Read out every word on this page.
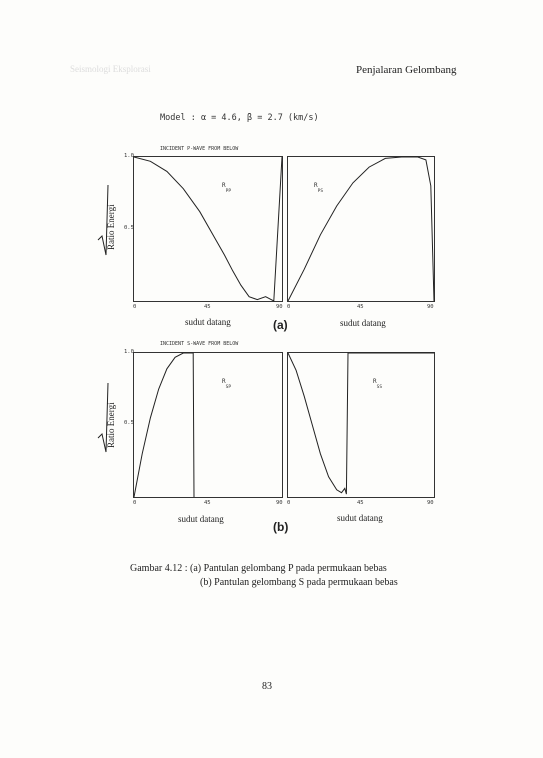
Seismologi Eksplorasi	Penjalaran Gelombang
Model : α = 4.6, β = 2.7 (km/s)
INCIDENT P-WAVE FROM BELOW
1.0
0.5
0	45	90 0	45	90
$R_{PP}$
$R_{PS}$
sudut datang	sudut datang
(a)
Ratio Energi
INCIDENT S-WAVE FROM BELOW
1.0
0.5
0	45	90 0	45	90
$R_{SP}$
$R_{SS}$
sudut datang	sudut datang
(b)
Ratio Energi
Gambar 4.12 : (a) Pantulan gelombang P pada permukaan bebas
(b) Pantulan gelombang S pada permukaan bebas
83
